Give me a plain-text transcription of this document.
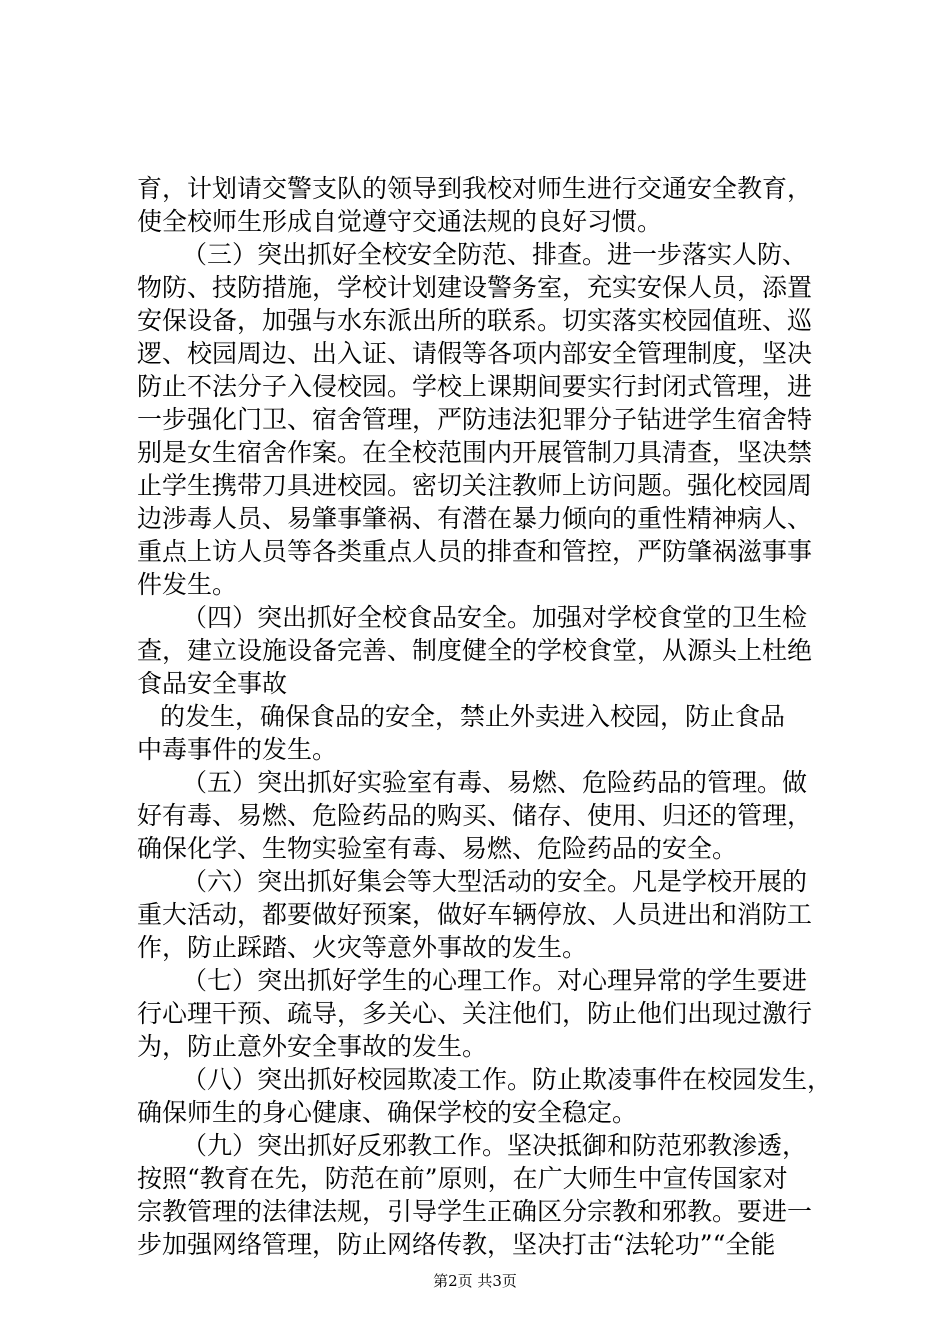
育，计划请交警支队的领导到我校对师生进行交通安全教育，
使全校师生形成自觉遵守交通法规的良好习惯。
（三）突出抓好全校安全防范、排查。进一步落实人防、
物防、技防措施，学校计划建设警务室，充实安保人员，添置
安保设备，加强与水东派出所的联系。切实落实校园值班、巡
逻、校园周边、出入证、请假等各项内部安全管理制度，坚决
防止不法分子入侵校园。学校上课期间要实行封闭式管理，进
一步强化门卫、宿舍管理，严防违法犯罪分子钻进学生宿舍特
别是女生宿舍作案。在全校范围内开展管制刀具清查，坚决禁
止学生携带刀具进校园。密切关注教师上访问题。强化校园周
边涉毒人员、易肇事肇祸、有潜在暴力倾向的重性精神病人、
重点上访人员等各类重点人员的排查和管控，严防肇祸滋事事
件发生。
（四）突出抓好全校食品安全。加强对学校食堂的卫生检
查，建立设施设备完善、制度健全的学校食堂，从源头上杜绝
食品安全事故
的发生，确保食品的安全，禁止外卖进入校园，防止食品
中毒事件的发生。
（五）突出抓好实验室有毒、易燃、危险药品的管理。做
好有毒、易燃、危险药品的购买、储存、使用、归还的管理，
确保化学、生物实验室有毒、易燃、危险药品的安全。
（六）突出抓好集会等大型活动的安全。凡是学校开展的
重大活动，都要做好预案，做好车辆停放、人员进出和消防工
作，防止踩踏、火灾等意外事故的发生。
（七）突出抓好学生的心理工作。对心理异常的学生要进
行心理干预、疏导，多关心、关注他们，防止他们出现过激行
为，防止意外安全事故的发生。
（八）突出抓好校园欺凌工作。防止欺凌事件在校园发生，
确保师生的身心健康、确保学校的安全稳定。
（九）突出抓好反邪教工作。坚决抵御和防范邪教渗透，
按照“教育在先，防范在前”原则，在广大师生中宣传国家对
宗教管理的法律法规，引导学生正确区分宗教和邪教。要进一
步加强网络管理，防止网络传教，坚决打击“法轮功”“全能
第2页 共3页
